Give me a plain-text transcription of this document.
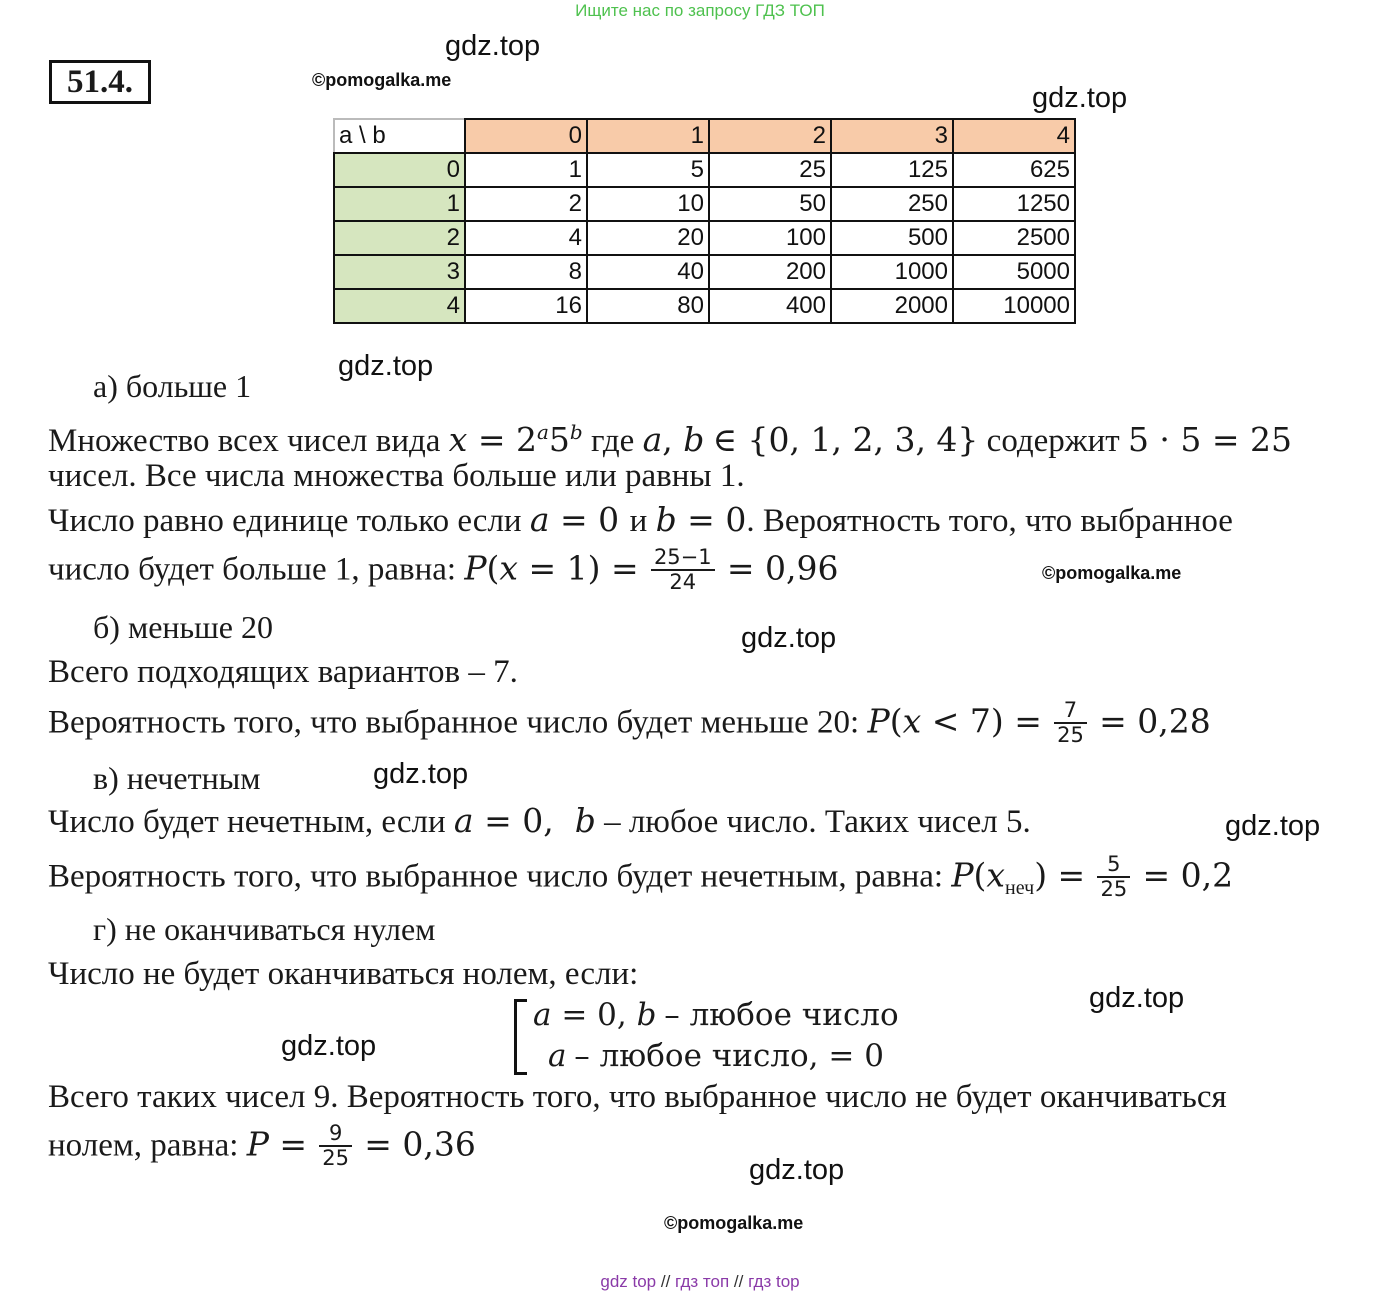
Ищите нас по запросу ГДЗ ТОП
51.4.
gdz.top
©pomogalka.me
gdz.top
a \ b	0	1	2	3	4
0	1	5	25	125	625
1	2	10	50	250	1250
2	4	20	100	500	2500
3	8	40	200	1000	5000
4	16	80	400	2000	10000
gdz.top
а) больше 1
Множество всех чисел вида $x = 2^a5^b$ где a, b ∈ {0, 1, 2, 3, 4} содержит 5 · 5 = 25
чисел. Все числа множества больше или равны 1.
Число равно единице только если a = 0 и b = 0. Вероятность того, что выбранное
число будет больше 1, равна: $P(x = 1) = \frac{25-1}{24} = 0,96$	©pomogalka.me
б) меньше 20	gdz.top
Всего подходящих вариантов – 7.
Вероятность того, что выбранное число будет меньше 20: $P(x < 7) = \frac{7}{25} = 0,28$
в) нечетным	gdz.top
Число будет нечетным, если a = 0,  b – любое число. Таких чисел 5.	gdz.top
Вероятность того, что выбранное число будет нечетным, равна: $P(x_{неч}) = \frac{5}{25} = 0,2$
г) не оканчиваться нулем
Число не будет оканчиваться нолем, если:
gdz.top
a = 0, b – любое число
a – любое число, = 0
gdz.top
Всего таких чисел 9. Вероятность того, что выбранное число не будет оканчиваться
нолем, равна: $P = \frac{9}{25} = 0,36$
gdz.top
©pomogalka.me
gdz top // гдз топ // гдз top
